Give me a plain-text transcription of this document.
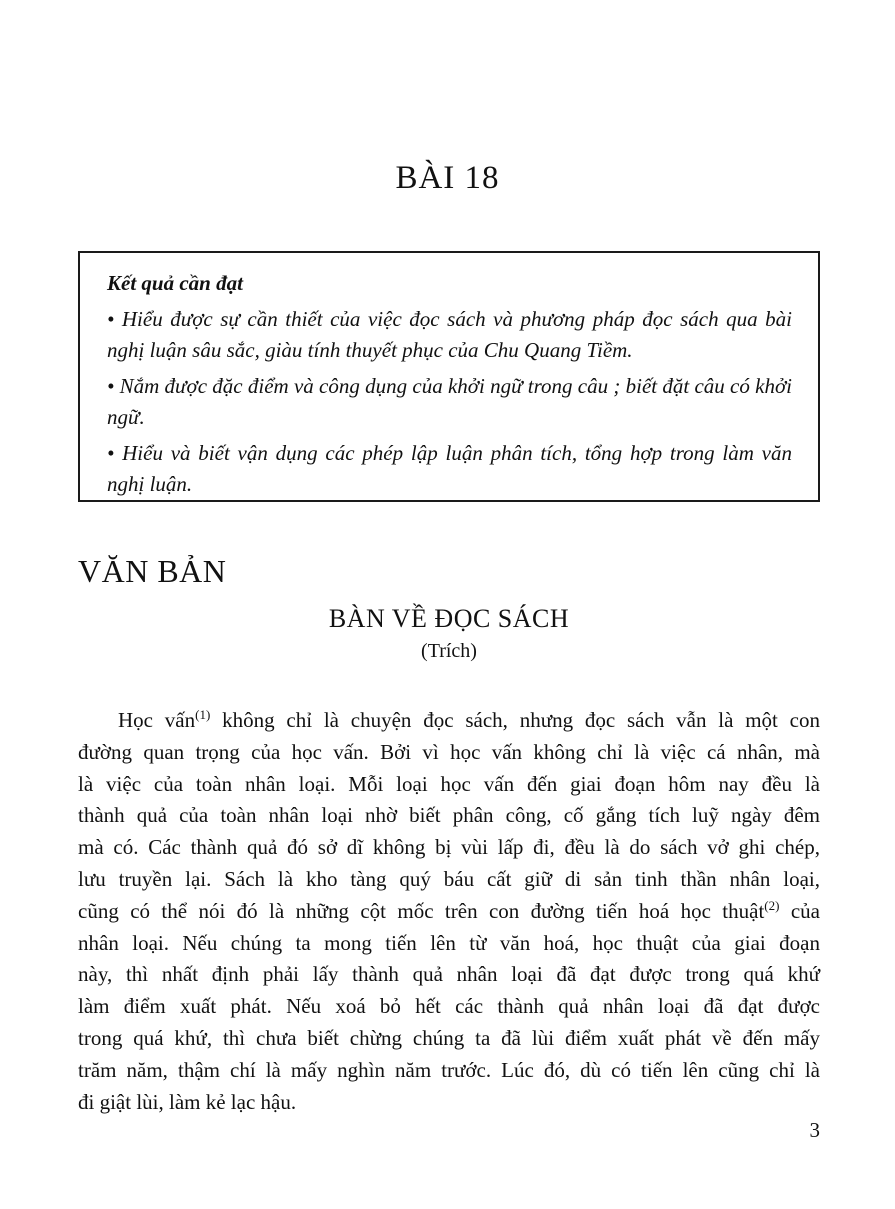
BÀI 18
Kết quả cần đạt
• Hiểu được sự cần thiết của việc đọc sách và phương pháp đọc sách qua bài nghị luận sâu sắc, giàu tính thuyết phục của Chu Quang Tiềm.
• Nắm được đặc điểm và công dụng của khởi ngữ trong câu ; biết đặt câu có khởi ngữ.
• Hiểu và biết vận dụng các phép lập luận phân tích, tổng hợp trong làm văn nghị luận.
VĂN BẢN
BÀN VỀ ĐỌC SÁCH
(Trích)
Học vấn$^{(1)}$ không chỉ là chuyện đọc sách, nhưng đọc sách vẫn là một con
đường quan trọng của học vấn. Bởi vì học vấn không chỉ là việc cá nhân, mà
là việc của toàn nhân loại. Mỗi loại học vấn đến giai đoạn hôm nay đều là
thành quả của toàn nhân loại nhờ biết phân công, cố gắng tích luỹ ngày đêm
mà có. Các thành quả đó sở dĩ không bị vùi lấp đi, đều là do sách vở ghi chép,
lưu truyền lại. Sách là kho tàng quý báu cất giữ di sản tinh thần nhân loại,
cũng có thể nói đó là những cột mốc trên con đường tiến hoá học thuật$^{(2)}$ của
nhân loại. Nếu chúng ta mong tiến lên từ văn hoá, học thuật của giai đoạn
này, thì nhất định phải lấy thành quả nhân loại đã đạt được trong quá khứ
làm điểm xuất phát. Nếu xoá bỏ hết các thành quả nhân loại đã đạt được
trong quá khứ, thì chưa biết chừng chúng ta đã lùi điểm xuất phát về đến mấy
trăm năm, thậm chí là mấy nghìn năm trước. Lúc đó, dù có tiến lên cũng chỉ là
đi giật lùi, làm kẻ lạc hậu.
3
